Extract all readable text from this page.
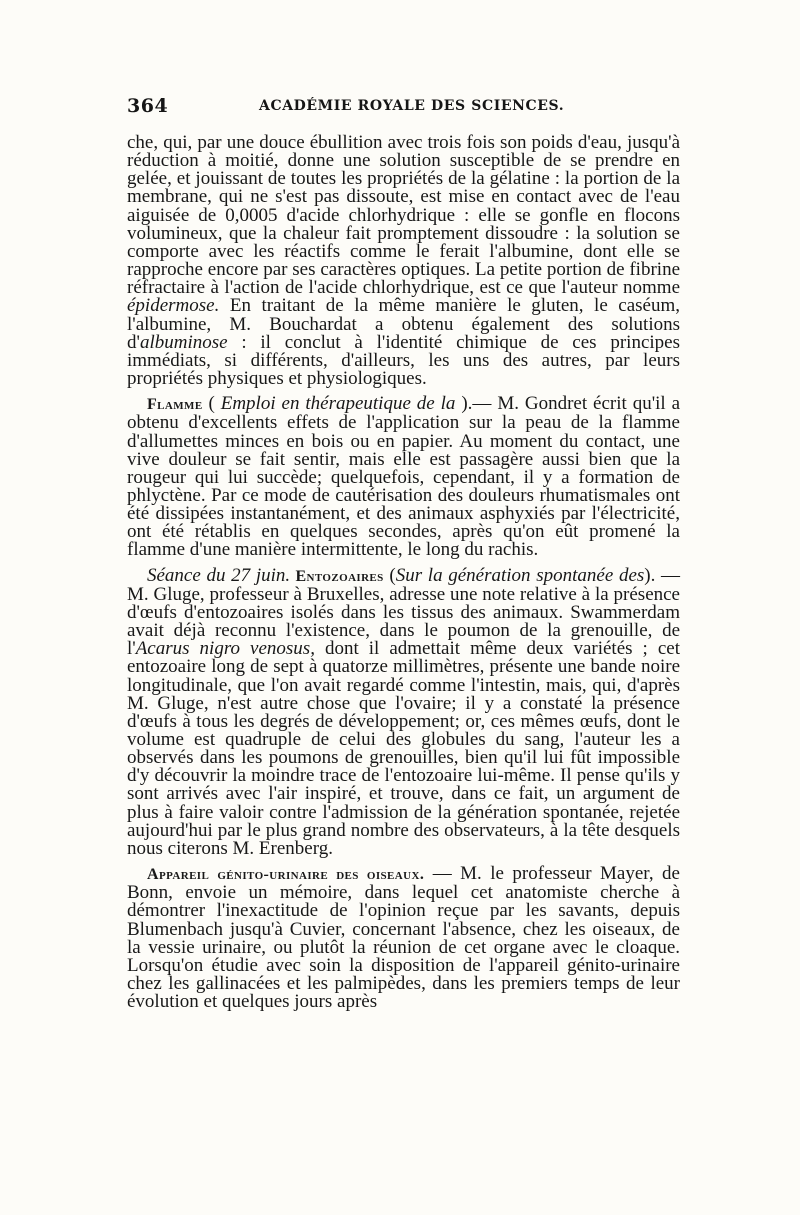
364	ACADÉMIE ROYALE DES SCIENCES.

che, qui, par une douce ébullition avec trois fois son poids d'eau, jusqu'à réduction à moitié, donne une solution susceptible de se prendre en gelée, et jouissant de toutes les propriétés de la gélatine : la portion de la membrane, qui ne s'est pas dissoute, est mise en contact avec de l'eau aiguisée de 0,0005 d'acide chlorhydrique : elle se gonfle en flocons volumineux, que la chaleur fait promptement dissoudre : la solution se comporte avec les réactifs comme le ferait l'albumine, dont elle se rapproche encore par ses caractères optiques. La petite portion de fibrine réfractaire à l'action de l'acide chlorhydrique, est ce que l'auteur nomme épidermose. En traitant de la même manière le gluten, le caséum, l'albumine, M. Bouchardat a obtenu également des solutions d'albuminose : il conclut à l'identité chimique de ces principes immédiats, si différents, d'ailleurs, les uns des autres, par leurs propriétés physiques et physiologiques.

Flamme ( Emploi en thérapeutique de la ).— M. Gondret écrit qu'il a obtenu d'excellents effets de l'application sur la peau de la flamme d'allumettes minces en bois ou en papier. Au moment du contact, une vive douleur se fait sentir, mais elle est passagère aussi bien que la rougeur qui lui succède; quelquefois, cependant, il y a formation de phlyctène. Par ce mode de cautérisation des douleurs rhumatismales ont été dissipées instantanément, et des animaux asphyxiés par l'électricité, ont été rétablis en quelques secondes, après qu'on eût promené la flamme d'une manière intermittente, le long du rachis.

Séance du 27 juin. Entozoaires (Sur la génération spontanée des). — M. Gluge, professeur à Bruxelles, adresse une note relative à la présence d'œufs d'entozoaires isolés dans les tissus des animaux. Swammerdam avait déjà reconnu l'existence, dans le poumon de la grenouille, de l'Acarus nigro venosus, dont il admettait même deux variétés ; cet entozoaire long de sept à quatorze millimètres, présente une bande noire longitudinale, que l'on avait regardé comme l'intestin, mais, qui, d'après M. Gluge, n'est autre chose que l'ovaire; il y a constaté la présence d'œufs à tous les degrés de développement; or, ces mêmes œufs, dont le volume est quadruple de celui des globules du sang, l'auteur les a observés dans les poumons de grenouilles, bien qu'il lui fût impossible d'y découvrir la moindre trace de l'entozoaire lui-même. Il pense qu'ils y sont arrivés avec l'air inspiré, et trouve, dans ce fait, un argument de plus à faire valoir contre l'admission de la génération spontanée, rejetée aujourd'hui par le plus grand nombre des observateurs, à la tête desquels nous citerons M. Erenberg.

Appareil génito-urinaire des oiseaux. — M. le professeur Mayer, de Bonn, envoie un mémoire, dans lequel cet anatomiste cherche à démontrer l'inexactitude de l'opinion reçue par les savants, depuis Blumenbach jusqu'à Cuvier, concernant l'absence, chez les oiseaux, de la vessie urinaire, ou plutôt la réunion de cet organe avec le cloaque. Lorsqu'on étudie avec soin la disposition de l'appareil génito-urinaire chez les gallinacées et les palmipèdes, dans les premiers temps de leur évolution et quelques jours après
